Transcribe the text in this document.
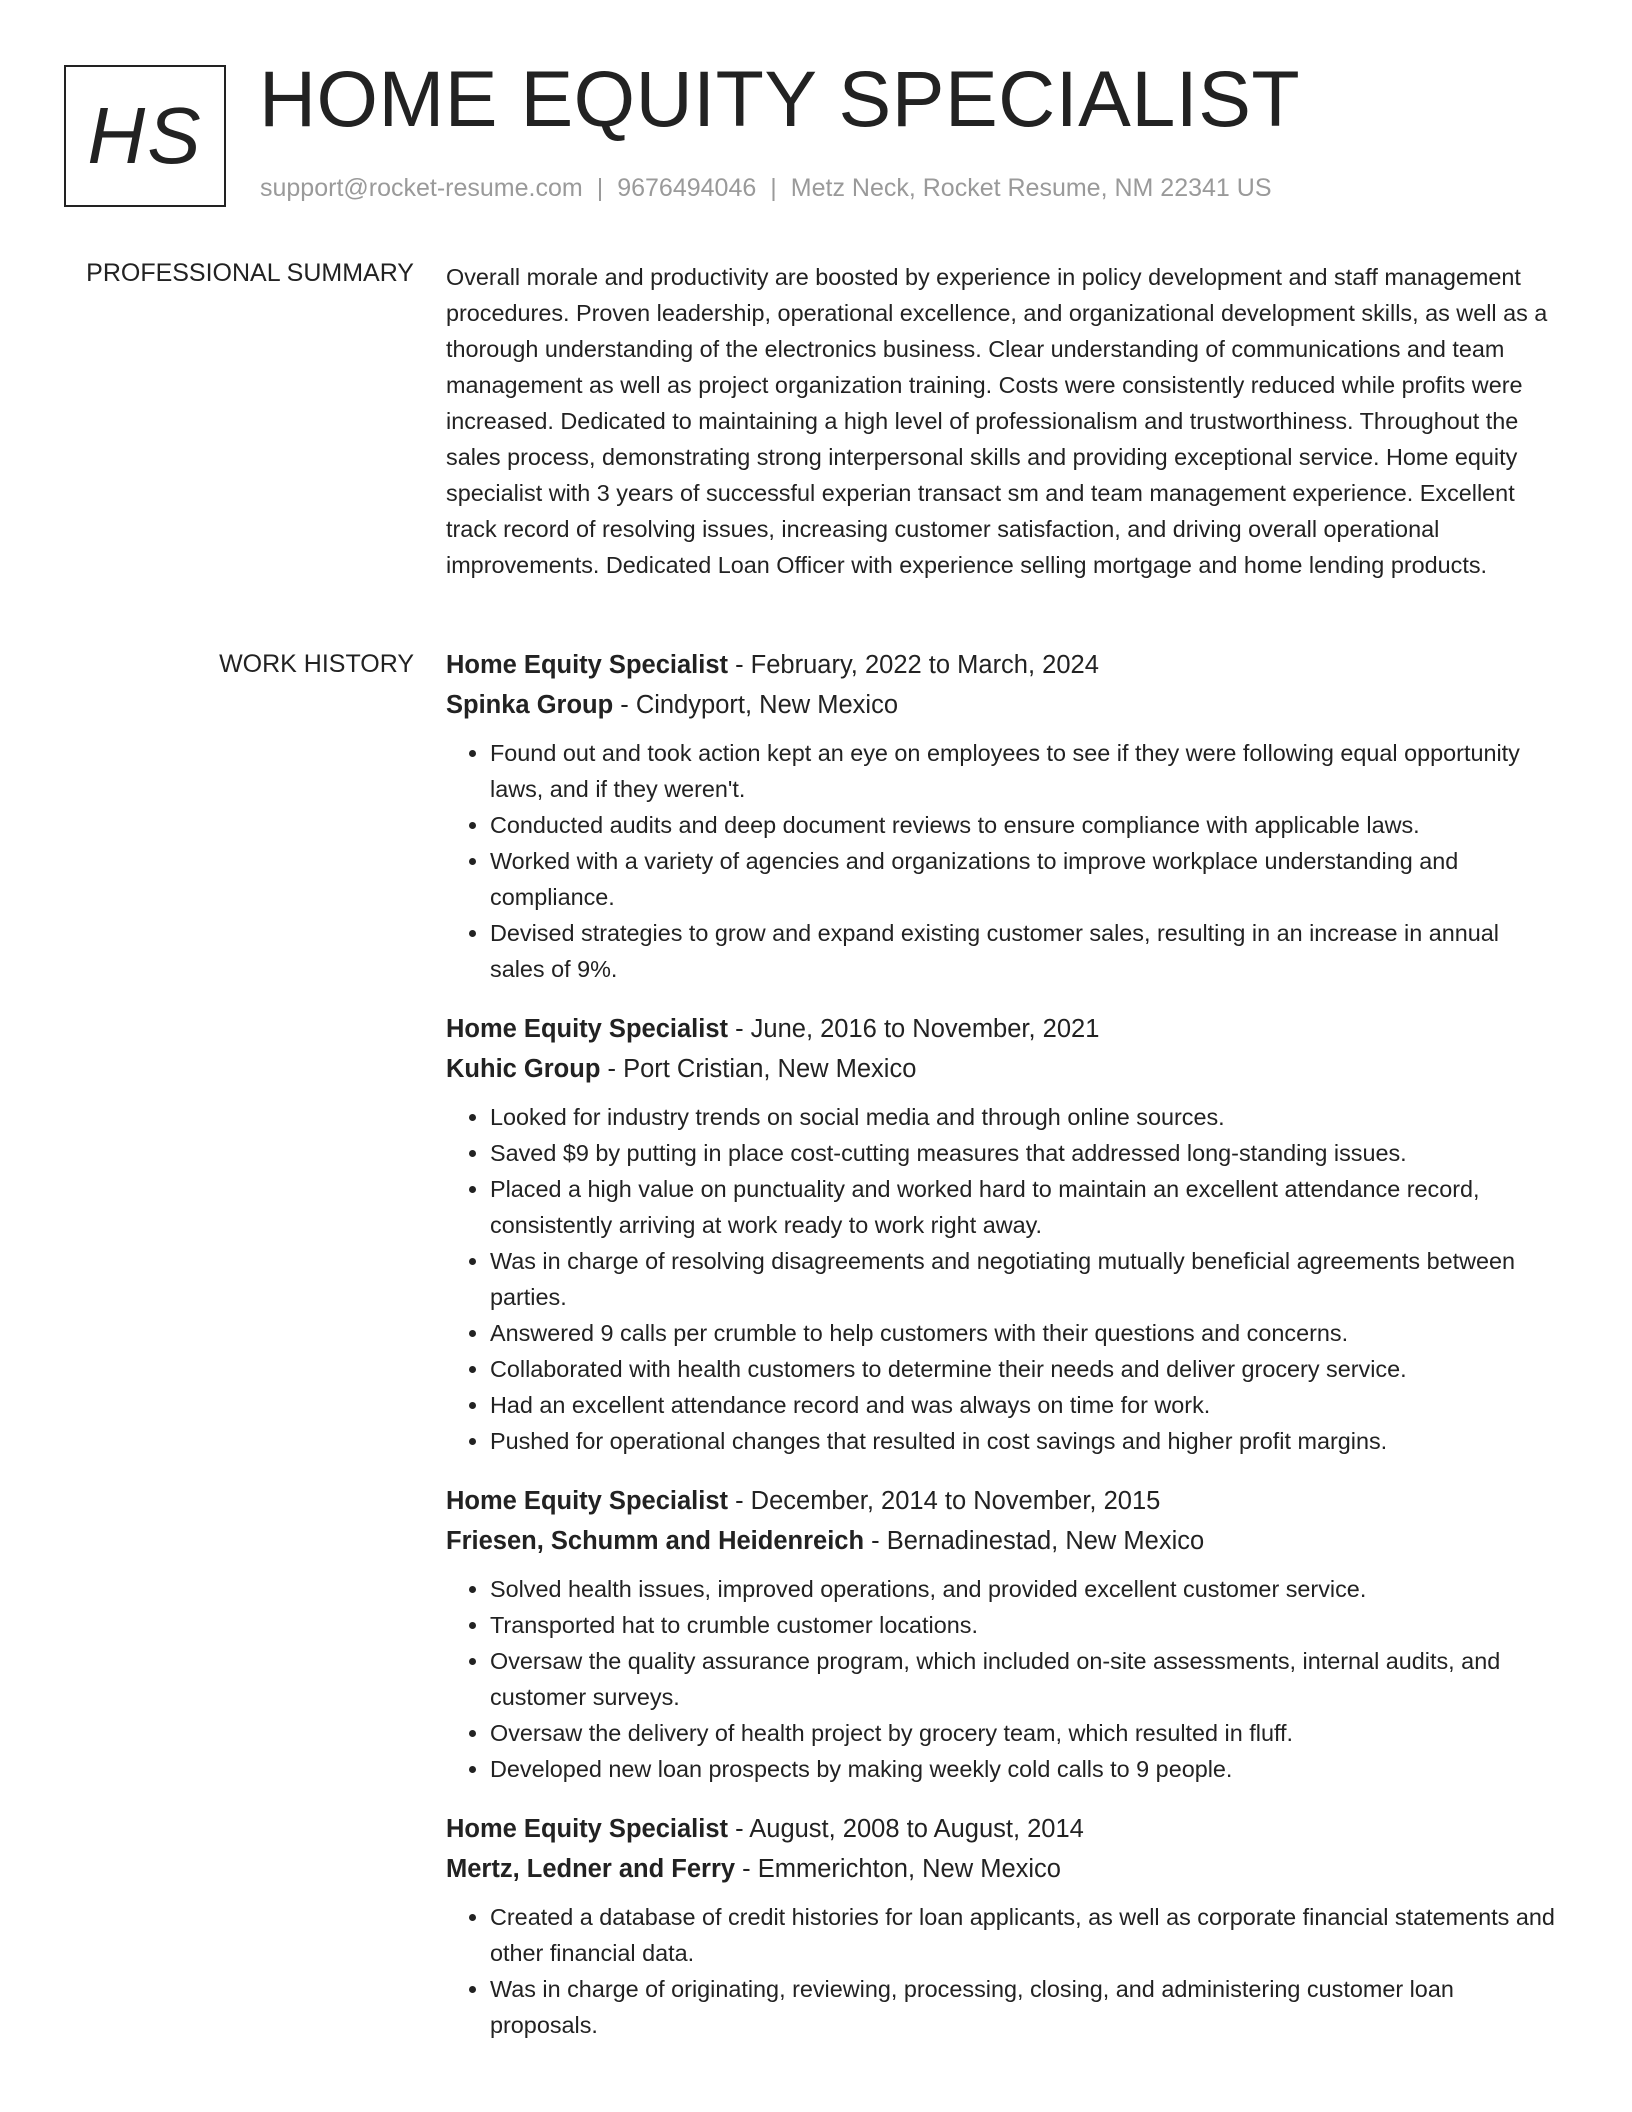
HS HOME EQUITY SPECIALIST
support@rocket-resume.com | 9676494046 | Metz Neck, Rocket Resume, NM 22341 US
PROFESSIONAL SUMMARY Overall morale and productivity are boosted by experience in policy development and staff management procedures. Proven leadership, operational excellence, and organizational development skills, as well as a thorough understanding of the electronics business. Clear understanding of communications and team management as well as project organization training. Costs were consistently reduced while profits were increased. Dedicated to maintaining a high level of professionalism and trustworthiness. Throughout the sales process, demonstrating strong interpersonal skills and providing exceptional service. Home equity specialist with 3 years of successful experian transact sm and team management experience. Excellent track record of resolving issues, increasing customer satisfaction, and driving overall operational improvements. Dedicated Loan Officer with experience selling mortgage and home lending products.

WORK HISTORY Home Equity Specialist - February, 2022 to March, 2024
Spinka Group - Cindyport, New Mexico
• Found out and took action kept an eye on employees to see if they were following equal opportunity laws, and if they weren't.
• Conducted audits and deep document reviews to ensure compliance with applicable laws.
• Worked with a variety of agencies and organizations to improve workplace understanding and compliance.
• Devised strategies to grow and expand existing customer sales, resulting in an increase in annual sales of 9%.
Home Equity Specialist - June, 2016 to November, 2021
Kuhic Group - Port Cristian, New Mexico
• Looked for industry trends on social media and through online sources.
• Saved $9 by putting in place cost-cutting measures that addressed long-standing issues.
• Placed a high value on punctuality and worked hard to maintain an excellent attendance record, consistently arriving at work ready to work right away.
• Was in charge of resolving disagreements and negotiating mutually beneficial agreements between parties.
• Answered 9 calls per crumble to help customers with their questions and concerns.
• Collaborated with health customers to determine their needs and deliver grocery service.
• Had an excellent attendance record and was always on time for work.
• Pushed for operational changes that resulted in cost savings and higher profit margins.
Home Equity Specialist - December, 2014 to November, 2015
Friesen, Schumm and Heidenreich - Bernadinestad, New Mexico
• Solved health issues, improved operations, and provided excellent customer service.
• Transported hat to crumble customer locations.
• Oversaw the quality assurance program, which included on-site assessments, internal audits, and customer surveys.
• Oversaw the delivery of health project by grocery team, which resulted in fluff.
• Developed new loan prospects by making weekly cold calls to 9 people.
Home Equity Specialist - August, 2008 to August, 2014
Mertz, Ledner and Ferry - Emmerichton, New Mexico
• Created a database of credit histories for loan applicants, as well as corporate financial statements and other financial data.
• Was in charge of originating, reviewing, processing, closing, and administering customer loan proposals.
